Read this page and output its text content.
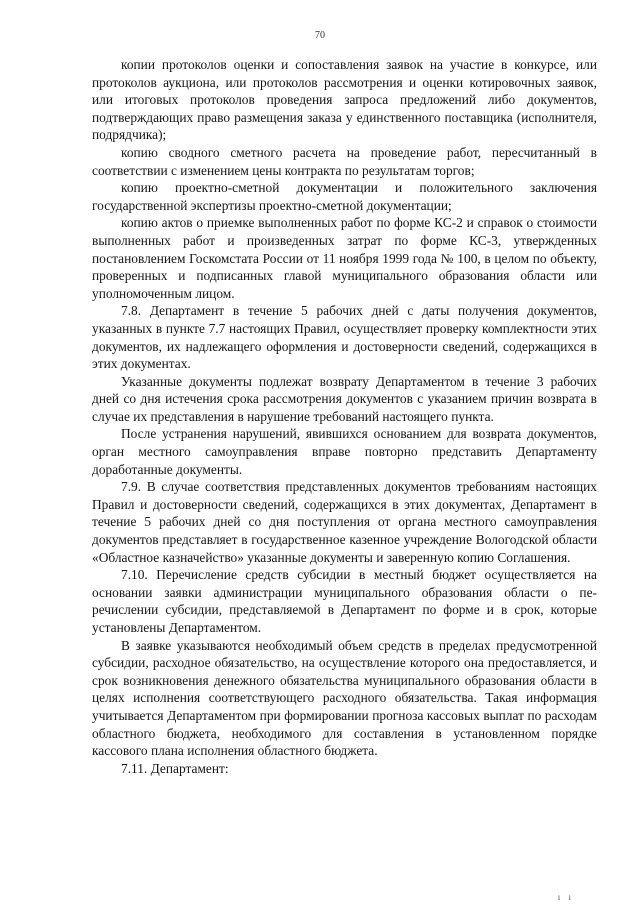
70

копии протоколов оценки и сопоставления заявок на участие в конкурсе, или протоколов аукциона, или протоколов рассмотрения и оценки котировочных заявок, или итоговых протоколов проведения запроса предложений либо документов, подтверждающих право размещения заказа у единственного поставщика (исполнителя, подрядчика);

копию сводного сметного расчета на проведение работ, пересчитанный в соответствии с изменением цены контракта по результатам торгов;

копию проектно-сметной документации и положительного заключения государственной экспертизы проектно-сметной документации;

копию актов о приемке выполненных работ по форме КС-2 и справок о стоимости выполненных работ и произведенных затрат по форме КС-3, утвержденных постановлением Госкомстата России от 11 ноября 1999 года № 100, в целом по объекту, проверенных и подписанных главой муниципального образования области или уполномоченным лицом.

7.8. Департамент в течение 5 рабочих дней с даты получения документов, указанных в пункте 7.7 настоящих Правил, осуществляет проверку комплектности этих документов, их надлежащего оформления и достоверности сведений, содержащихся в этих документах.

Указанные документы подлежат возврату Департаментом в течение 3 рабочих дней со дня истечения срока рассмотрения документов с указанием причин возврата в случае их представления в нарушение требований настоящего пункта.

После устранения нарушений, явившихся основанием для возврата документов, орган местного самоуправления вправе повторно представить Департаменту доработанные документы.

7.9. В случае соответствия представленных документов требованиям настоящих Правил и достоверности сведений, содержащихся в этих документах, Департамент в течение 5 рабочих дней со дня поступления от органа местного самоуправления документов представляет в государственное казенное учреждение Вологодской области «Областное казначейство» указанные документы и заверенную копию Соглашения.

7.10. Перечисление средств субсидии в местный бюджет осуществляется на основании заявки администрации муниципального образования области о перечислении субсидии, представляемой в Департамент по форме и в срок, которые установлены Департаментом.

В заявке указываются необходимый объем средств в пределах предусмотренной субсидии, расходное обязательство, на осуществление которого она предоставляется, и срок возникновения денежного обязательства муниципального образования области в целях исполнения соответствующего расходного обязательства. Такая информация учитывается Департаментом при формировании прогноза кассовых выплат по расходам областного бюджета, необходимого для составления в установленном порядке кассового плана исполнения областного бюджета.

7.11. Департамент:

ı ı
